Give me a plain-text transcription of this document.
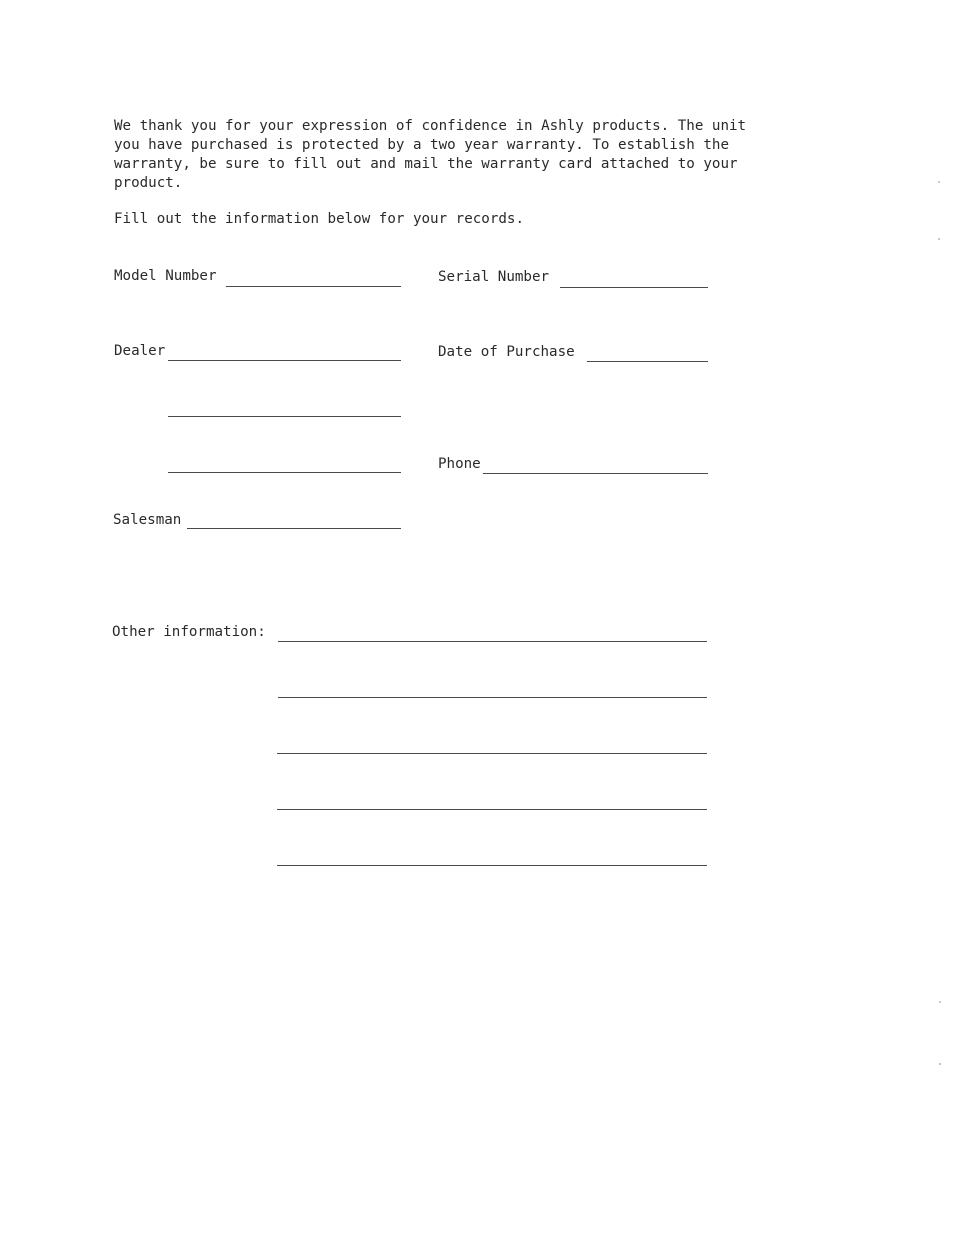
We thank you for your expression of confidence in Ashly products. The unit

you have purchased is protected by a two year warranty. To establish the

warranty, be sure to fill out and mail the warranty card attached to your

product.

Fill out the information below for your records.

Model Number	Serial Number
Dealer	Date of Purchase
Phone
Salesman
Other information:
